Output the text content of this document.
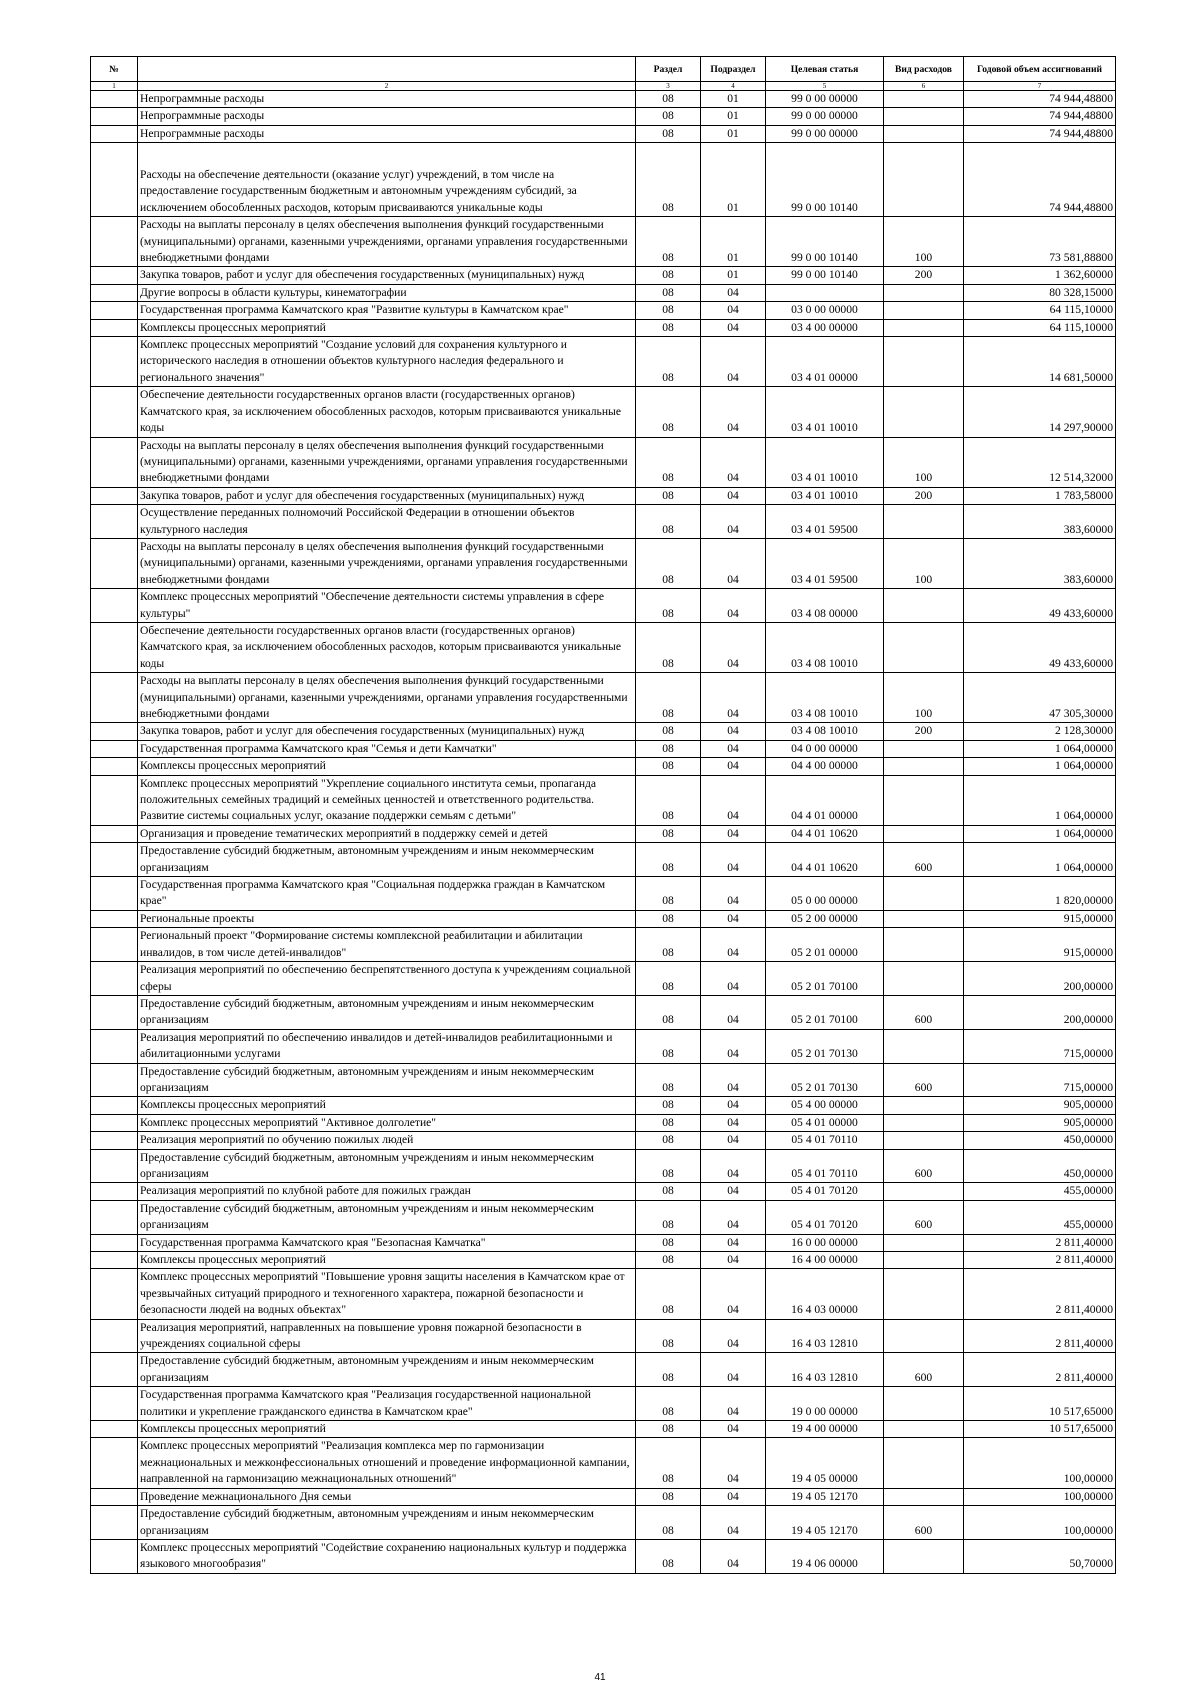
№		Раздел	Подраздел	Целевая статья	Вид расходов	Годовой объем ассигнований
1	2	3	4	5	6	7
	Непрограммные расходы	08	01	99 0 00 00000		74 944,48800
	Непрограммные расходы	08	01	99 0 00 00000		74 944,48800
	Непрограммные расходы	08	01	99 0 00 00000		74 944,48800
	Расходы на обеспечение деятельности (оказание услуг) учреждений, в том числе на предоставление государственным бюджетным и автономным учреждениям субсидий, за исключением обособленных расходов, которым присваиваются уникальные коды	08	01	99 0 00 10140		74 944,48800
	Расходы на выплаты персоналу в целях обеспечения выполнения функций государственными (муниципальными) органами, казенными учреждениями, органами управления государственными внебюджетными фондами	08	01	99 0 00 10140	100	73 581,88800
	Закупка товаров, работ и услуг для обеспечения государственных (муниципальных) нужд	08	01	99 0 00 10140	200	1 362,60000
	Другие вопросы в области культуры, кинематографии	08	04			80 328,15000
	Государственная программа Камчатского края "Развитие культуры в Камчатском крае"	08	04	03 0 00 00000		64 115,10000
	Комплексы процессных мероприятий	08	04	03 4 00 00000		64 115,10000
	Комплекс процессных мероприятий "Создание условий для сохранения культурного и исторического наследия в отношении объектов культурного наследия федерального и регионального значения"	08	04	03 4 01 00000		14 681,50000
	Обеспечение деятельности государственных органов власти (государственных органов) Камчатского края, за исключением обособленных расходов, которым присваиваются уникальные коды	08	04	03 4 01 10010		14 297,90000
	Расходы на выплаты персоналу в целях обеспечения выполнения функций государственными (муниципальными) органами, казенными учреждениями, органами управления государственными внебюджетными фондами	08	04	03 4 01 10010	100	12 514,32000
	Закупка товаров, работ и услуг для обеспечения государственных (муниципальных) нужд	08	04	03 4 01 10010	200	1 783,58000
	Осуществление переданных полномочий Российской Федерации в отношении объектов культурного наследия	08	04	03 4 01 59500		383,60000
	Расходы на выплаты персоналу в целях обеспечения выполнения функций государственными (муниципальными) органами, казенными учреждениями, органами управления государственными внебюджетными фондами	08	04	03 4 01 59500	100	383,60000
	Комплекс процессных мероприятий "Обеспечение деятельности системы управления в сфере культуры"	08	04	03 4 08 00000		49 433,60000
	Обеспечение деятельности государственных органов власти (государственных органов) Камчатского края, за исключением обособленных расходов, которым присваиваются уникальные коды	08	04	03 4 08 10010		49 433,60000
	Расходы на выплаты персоналу в целях обеспечения выполнения функций государственными (муниципальными) органами, казенными учреждениями, органами управления государственными внебюджетными фондами	08	04	03 4 08 10010	100	47 305,30000
	Закупка товаров, работ и услуг для обеспечения государственных (муниципальных) нужд	08	04	03 4 08 10010	200	2 128,30000
	Государственная программа Камчатского края "Семья и дети Камчатки"	08	04	04 0 00 00000		1 064,00000
	Комплексы процессных мероприятий	08	04	04 4 00 00000		1 064,00000
	Комплекс процессных мероприятий "Укрепление социального института семьи, пропаганда положительных семейных традиций и семейных ценностей и ответственного родительства. Развитие системы социальных услуг, оказание поддержки семьям с детьми"	08	04	04 4 01 00000		1 064,00000
	Организация и проведение тематических мероприятий в поддержку семей и детей	08	04	04 4 01 10620		1 064,00000
	Предоставление субсидий бюджетным, автономным учреждениям и иным некоммерческим организациям	08	04	04 4 01 10620	600	1 064,00000
	Государственная программа Камчатского края "Социальная поддержка граждан в Камчатском крае"	08	04	05 0 00 00000		1 820,00000
	Региональные проекты	08	04	05 2 00 00000		915,00000
	Региональный проект "Формирование системы комплексной реабилитации и абилитации инвалидов, в том числе детей-инвалидов"	08	04	05 2 01 00000		915,00000
	Реализация мероприятий по обеспечению беспрепятственного доступа к учреждениям социальной сферы	08	04	05 2 01 70100		200,00000
	Предоставление субсидий бюджетным, автономным учреждениям и иным некоммерческим организациям	08	04	05 2 01 70100	600	200,00000
	Реализация мероприятий по обеспечению инвалидов и детей-инвалидов реабилитационными и абилитационными услугами	08	04	05 2 01 70130		715,00000
	Предоставление субсидий бюджетным, автономным учреждениям и иным некоммерческим организациям	08	04	05 2 01 70130	600	715,00000
	Комплексы процессных мероприятий	08	04	05 4 00 00000		905,00000
	Комплекс процессных мероприятий "Активное долголетие"	08	04	05 4 01 00000		905,00000
	Реализация мероприятий по обучению пожилых людей	08	04	05 4 01 70110		450,00000
	Предоставление субсидий бюджетным, автономным учреждениям и иным некоммерческим организациям	08	04	05 4 01 70110	600	450,00000
	Реализация мероприятий по клубной работе для пожилых граждан	08	04	05 4 01 70120		455,00000
	Предоставление субсидий бюджетным, автономным учреждениям и иным некоммерческим организациям	08	04	05 4 01 70120	600	455,00000
	Государственная программа Камчатского края "Безопасная Камчатка"	08	04	16 0 00 00000		2 811,40000
	Комплексы процессных мероприятий	08	04	16 4 00 00000		2 811,40000
	Комплекс процессных мероприятий "Повышение уровня защиты населения в Камчатском крае от чрезвычайных ситуаций природного и техногенного характера, пожарной безопасности и безопасности людей на водных объектах"	08	04	16 4 03 00000		2 811,40000
	Реализация мероприятий, направленных на повышение уровня пожарной безопасности в учреждениях социальной сферы	08	04	16 4 03 12810		2 811,40000
	Предоставление субсидий бюджетным, автономным учреждениям и иным некоммерческим организациям	08	04	16 4 03 12810	600	2 811,40000
	Государственная программа Камчатского края "Реализация государственной национальной политики и укрепление гражданского единства в Камчатском крае"	08	04	19 0 00 00000		10 517,65000
	Комплексы процессных мероприятий	08	04	19 4 00 00000		10 517,65000
	Комплекс процессных мероприятий "Реализация комплекса мер по гармонизации межнациональных и межконфессиональных отношений и проведение информационной кампании, направленной на гармонизацию межнациональных отношений"	08	04	19 4 05 00000		100,00000
	Проведение межнационального Дня семьи	08	04	19 4 05 12170		100,00000
	Предоставление субсидий бюджетным, автономным учреждениям и иным некоммерческим организациям	08	04	19 4 05 12170	600	100,00000
	Комплекс процессных мероприятий "Содействие сохранению национальных культур и поддержка языкового многообразия"	08	04	19 4 06 00000		50,70000
41
